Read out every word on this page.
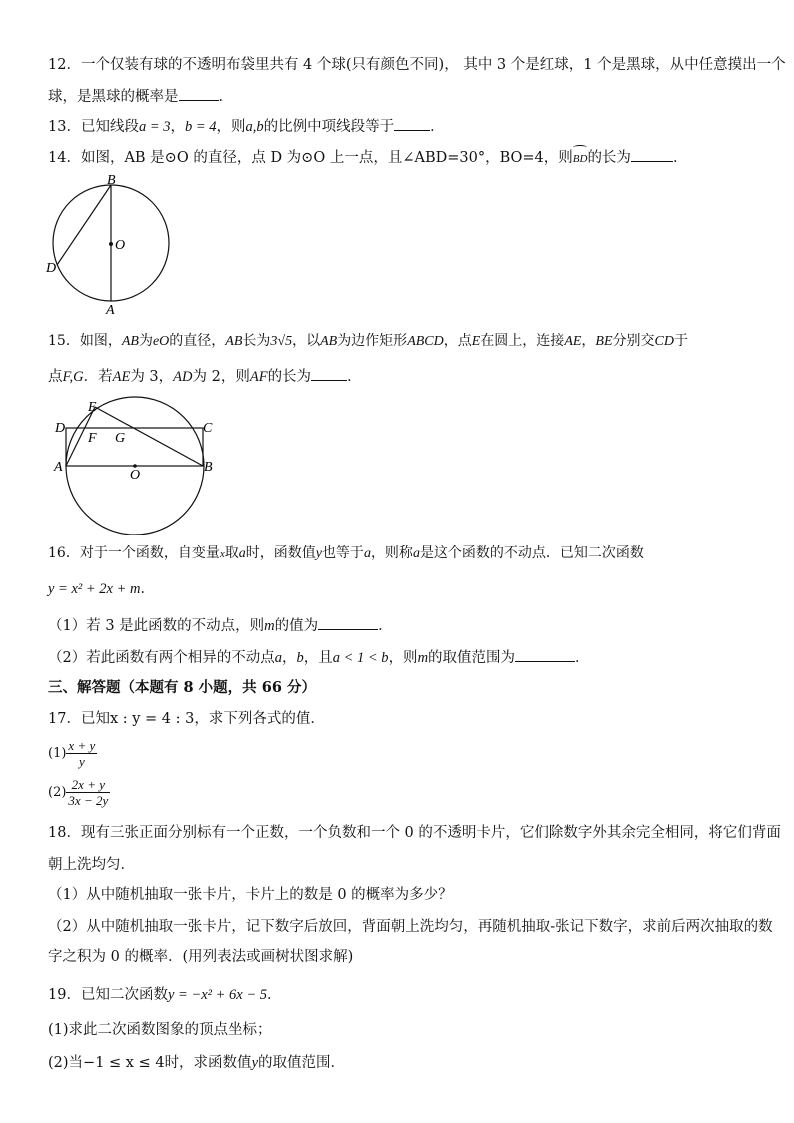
12．一个仅装有球的不透明布袋里共有 4 个球(只有颜色不同)， 其中 3 个是红球，1 个是黑球，从中任意摸出一个
球，是黑球的概率是	．
13．已知线段a = 3，b = 4，则a,b的比例中项线段等于 ．
14．如图，AB 是⊙O 的直径，点 D 为⊙O 上一点，且∠ABD=30°，BO=4，则BD
的长为	．
B
O
D
A
15．如图，AB为eO的直径，AB长为3√5，以AB为边作矩形ABCD，点E在圆上，连接AE，BE分别交CD于
点F,G．若AE为 3，AD为 2，则AF的长为 ．
E
D	C
F G
A	B
O
16．对于一个函数，自变量x取a时，函数值y也等于a，则称a是这个函数的不动点．已知二次函数
y = x² + 2x + m．
（1）若 3 是此函数的不动点，则m的值为	．
（2）若此函数有两个相异的不动点a，b，且a < 1 < b，则m的取值范围为	．
三、解答题（本题有 8 小题，共 66 分）
17．已知x : y = 4 : 3，求下列各式的值．
$(1) \frac{x + y}{y}$
$(2) \frac{2x + y}{3x - 2y}$
18．现有三张正面分别标有一个正数，一个负数和一个 0 的不透明卡片，它们除数字外其余完全相同，将它们背面
朝上洗均匀．
（1）从中随机抽取一张卡片，卡片上的数是 0 的概率为多少？
（2）从中随机抽取一张卡片，记下数字后放回，背面朝上洗均匀，再随机抽取-张记下数字，求前后两次抽取的数
字之积为 0 的概率．(用列表法或画树状图求解)
19．已知二次函数y = −x² + 6x − 5．
(1)求此二次函数图象的顶点坐标；
(2)当−1 ≤ x ≤ 4时，求函数值y的取值范围．
